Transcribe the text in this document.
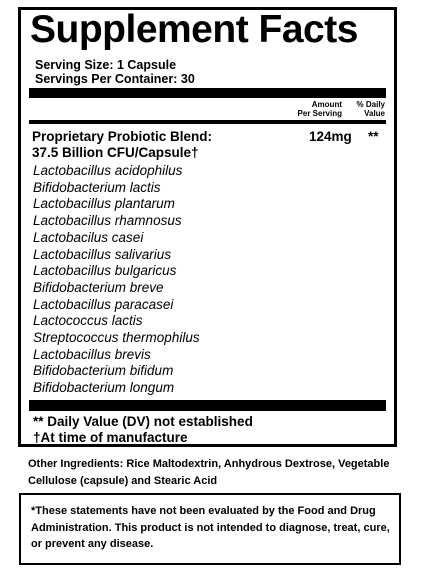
Supplement Facts
Serving Size: 1 Capsule
Servings Per Container: 30
Amount
Per Serving
% Daily
Value
Proprietary Probiotic Blend:	124mg **
37.5 Billion CFU/Capsule†
Lactobacillus acidophilus
Bifidobacterium lactis
Lactobacillus plantarum
Lactobacillus rhamnosus
Lactobacilus casei
Lactobacillus salivarius
Lactobacillus bulgaricus
Bifidobacterium breve
Lactobacillus paracasei
Lactococcus lactis
Streptococcus thermophilus
Lactobacillus brevis
Bifidobacterium bifidum
Bifidobacterium longum
** Daily Value (DV) not established
†At time of manufacture
Other Ingredients: Rice Maltodextrin, Anhydrous Dextrose, Vegetable Cellulose (capsule) and Stearic Acid
*These statements have not been evaluated by the Food and Drug Administration. This product is not intended to diagnose, treat, cure, or prevent any disease.
